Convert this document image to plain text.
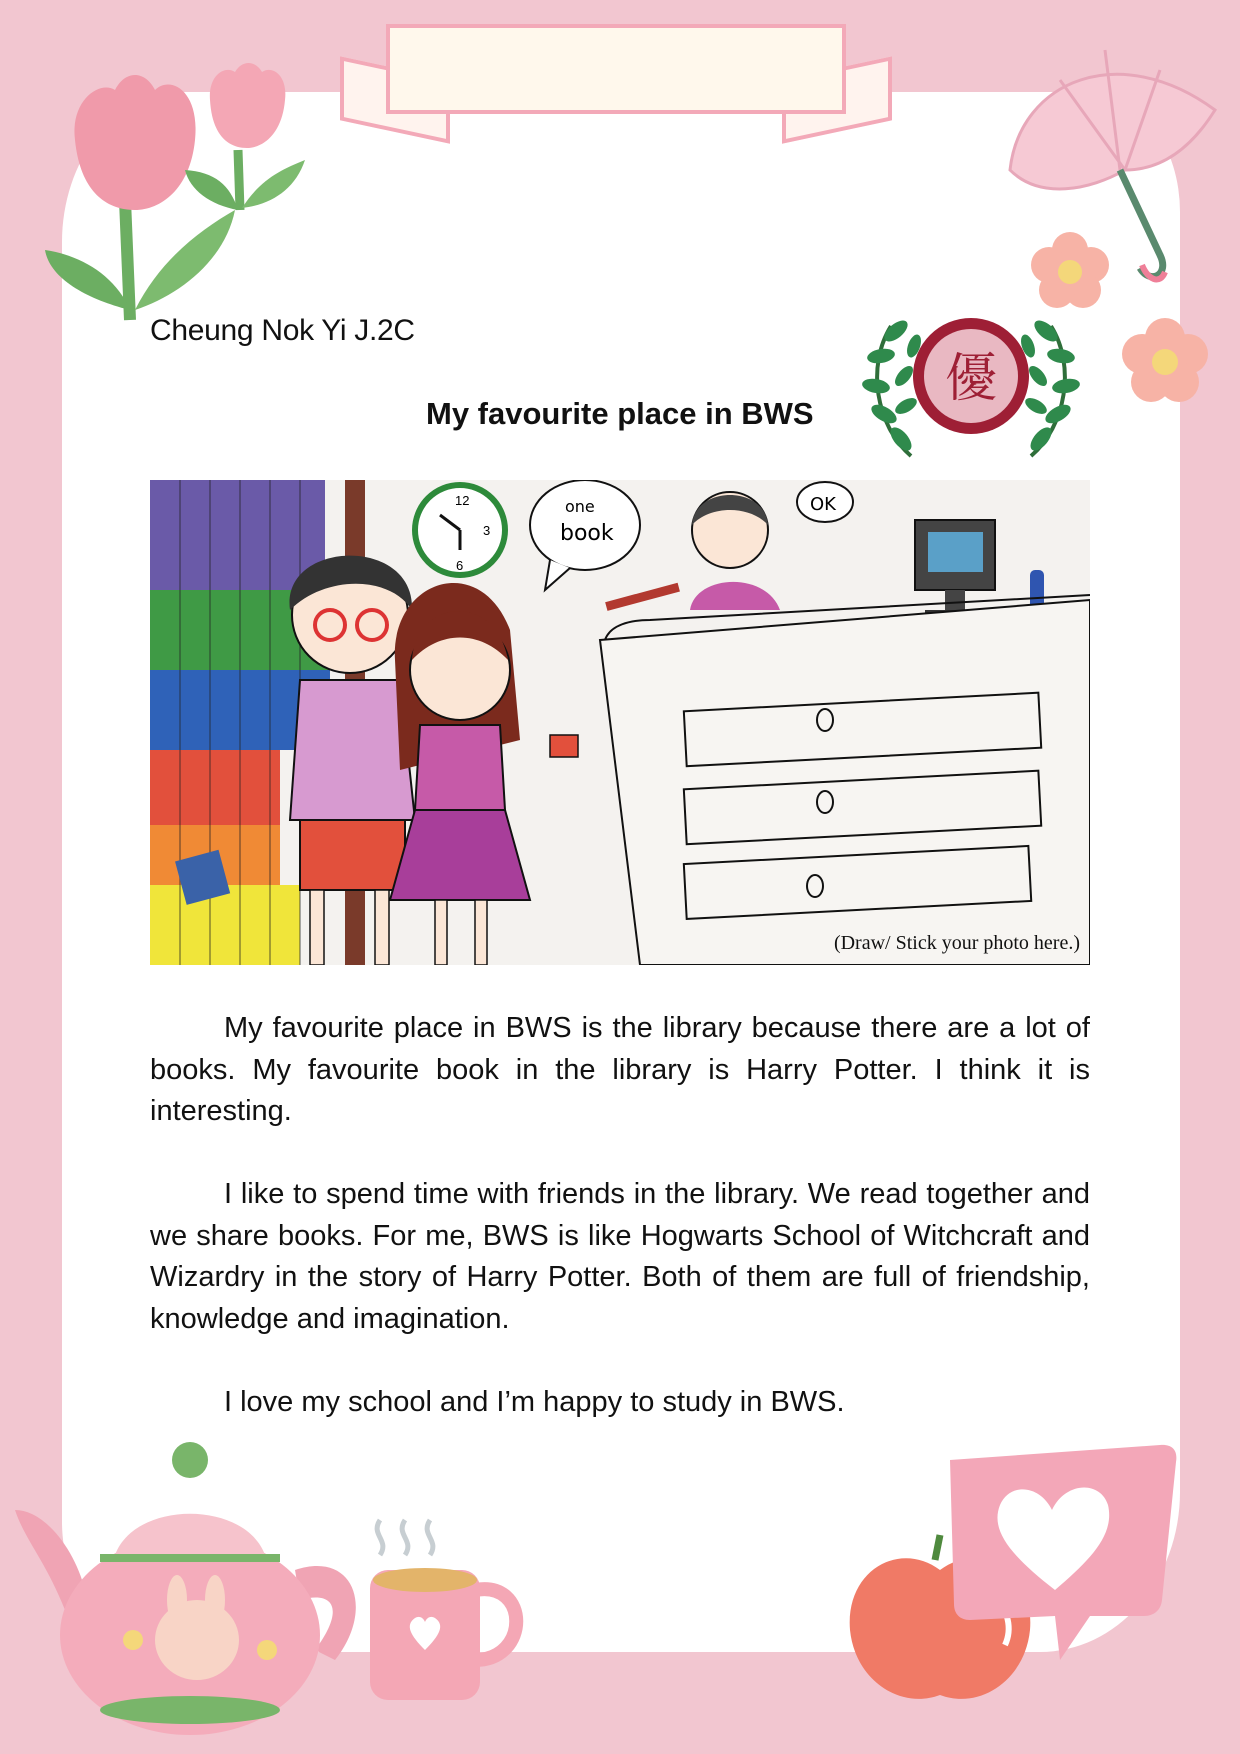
Cheung Nok Yi J.2C
My favourite place in BWS
優
12
3
6
one
book
OK
(Draw/ Stick your photo here.)

My favourite place in BWS is the library because there are a lot of books. My favourite book in the library is Harry Potter. I think it is interesting.

I like to spend time with friends in the library. We read together and we share books. For me, BWS is like Hogwarts School of Witchcraft and Wizardry in the story of Harry Potter. Both of them are full of friendship, knowledge and imagination.

I love my school and I’m happy to study in BWS.
